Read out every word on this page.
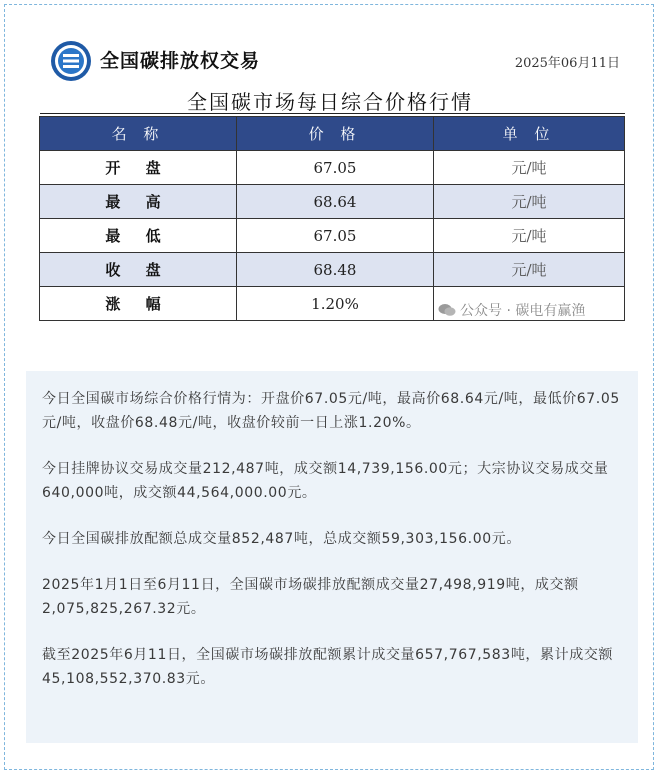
全国碳排放权交易	2025年06月11日
全国碳市场每日综合价格行情
名 称	价 格	单 位
开 盘	67.05	元/吨
最 高	68.64	元/吨
最 低	67.05	元/吨
收 盘	68.48	元/吨
涨 幅	1.20%		公众号 · 碳电有赢渔

今日全国碳市场综合价格行情为：开盘价67.05元/吨，最高价68.64元/吨，最低价67.05元/吨，收盘价68.48元/吨，收盘价较前一日上涨1.20%。

今日挂牌协议交易成交量212,487吨，成交额14,739,156.00元；大宗协议交易成交量640,000吨，成交额44,564,000.00元。

今日全国碳排放配额总成交量852,487吨，总成交额59,303,156.00元。

2025年1月1日至6月11日，全国碳市场碳排放配额成交量27,498,919吨，成交额2,075,825,267.32元。

截至2025年6月11日，全国碳市场碳排放配额累计成交量657,767,583吨，累计成交额45,108,552,370.83元。
